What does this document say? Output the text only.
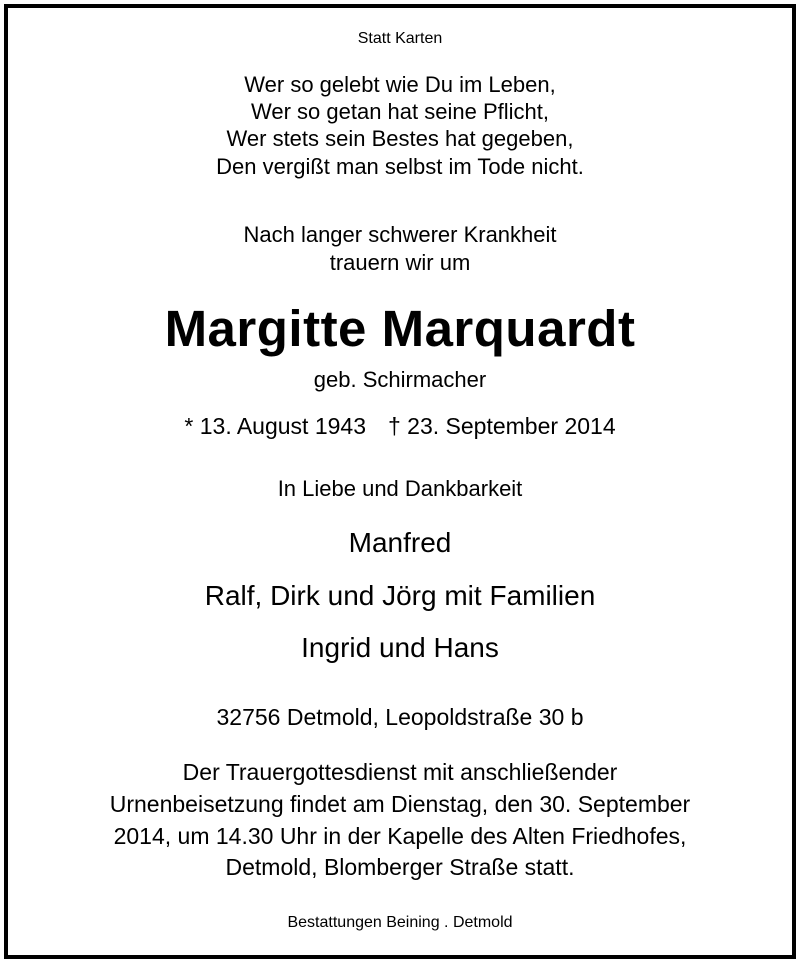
Statt Karten
Wer so gelebt wie Du im Leben,
Wer so getan hat seine Pflicht,
Wer stets sein Bestes hat gegeben,
Den vergißt man selbst im Tode nicht.
Nach langer schwerer Krankheit
trauern wir um
Margitte Marquardt
geb. Schirmacher
* 13. August 1943 † 23. September 2014
In Liebe und Dankbarkeit
Manfred
Ralf, Dirk und Jörg mit Familien
Ingrid und Hans
32756 Detmold, Leopoldstraße 30 b
Der Trauergottesdienst mit anschließender
Urnenbeisetzung findet am Dienstag, den 30. September
2014, um 14.30 Uhr in der Kapelle des Alten Friedhofes,
Detmold, Blomberger Straße statt.
Bestattungen Beining . Detmold
